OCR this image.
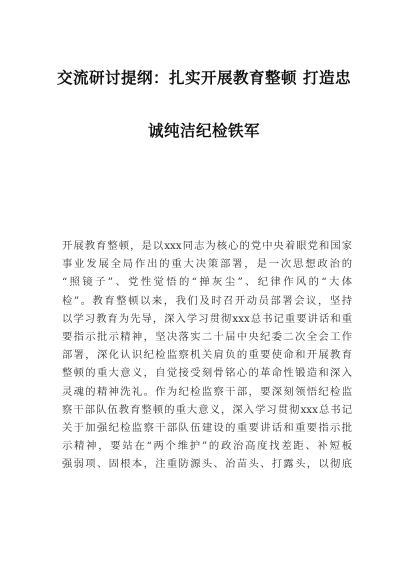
交流研讨提纲：扎实开展教育整顿 打造忠
诚纯洁纪检铁军
开展教育整顿，是以xxx同志为核心的党中央着眼党和国家
事业发展全局作出的重大决策部署，是一次思想政治的
“照镜子”、党性觉悟的“掸灰尘”、纪律作风的“大体
检”。教育整顿以来，我们及时召开动员部署会议，坚持
以学习教育为先导，深入学习贯彻xxx总书记重要讲话和重
要指示批示精神，坚决落实二十届中央纪委二次全会工作
部署，深化认识纪检监察机关肩负的重要使命和开展教育
整顿的重大意义，自觉接受刻骨铭心的革命性锻造和深入
灵魂的精神洗礼。作为纪检监察干部，要深刻领悟纪检监
察干部队伍教育整顿的重大意义，深入学习贯彻xxx总书记
关于加强纪检监察干部队伍建设的重要讲话和重要指示批
示精神，要站在“两个维护”的政治高度找差距、补短板
强弱项、固根本，注重防源头、治苗头、打露头，以彻底
